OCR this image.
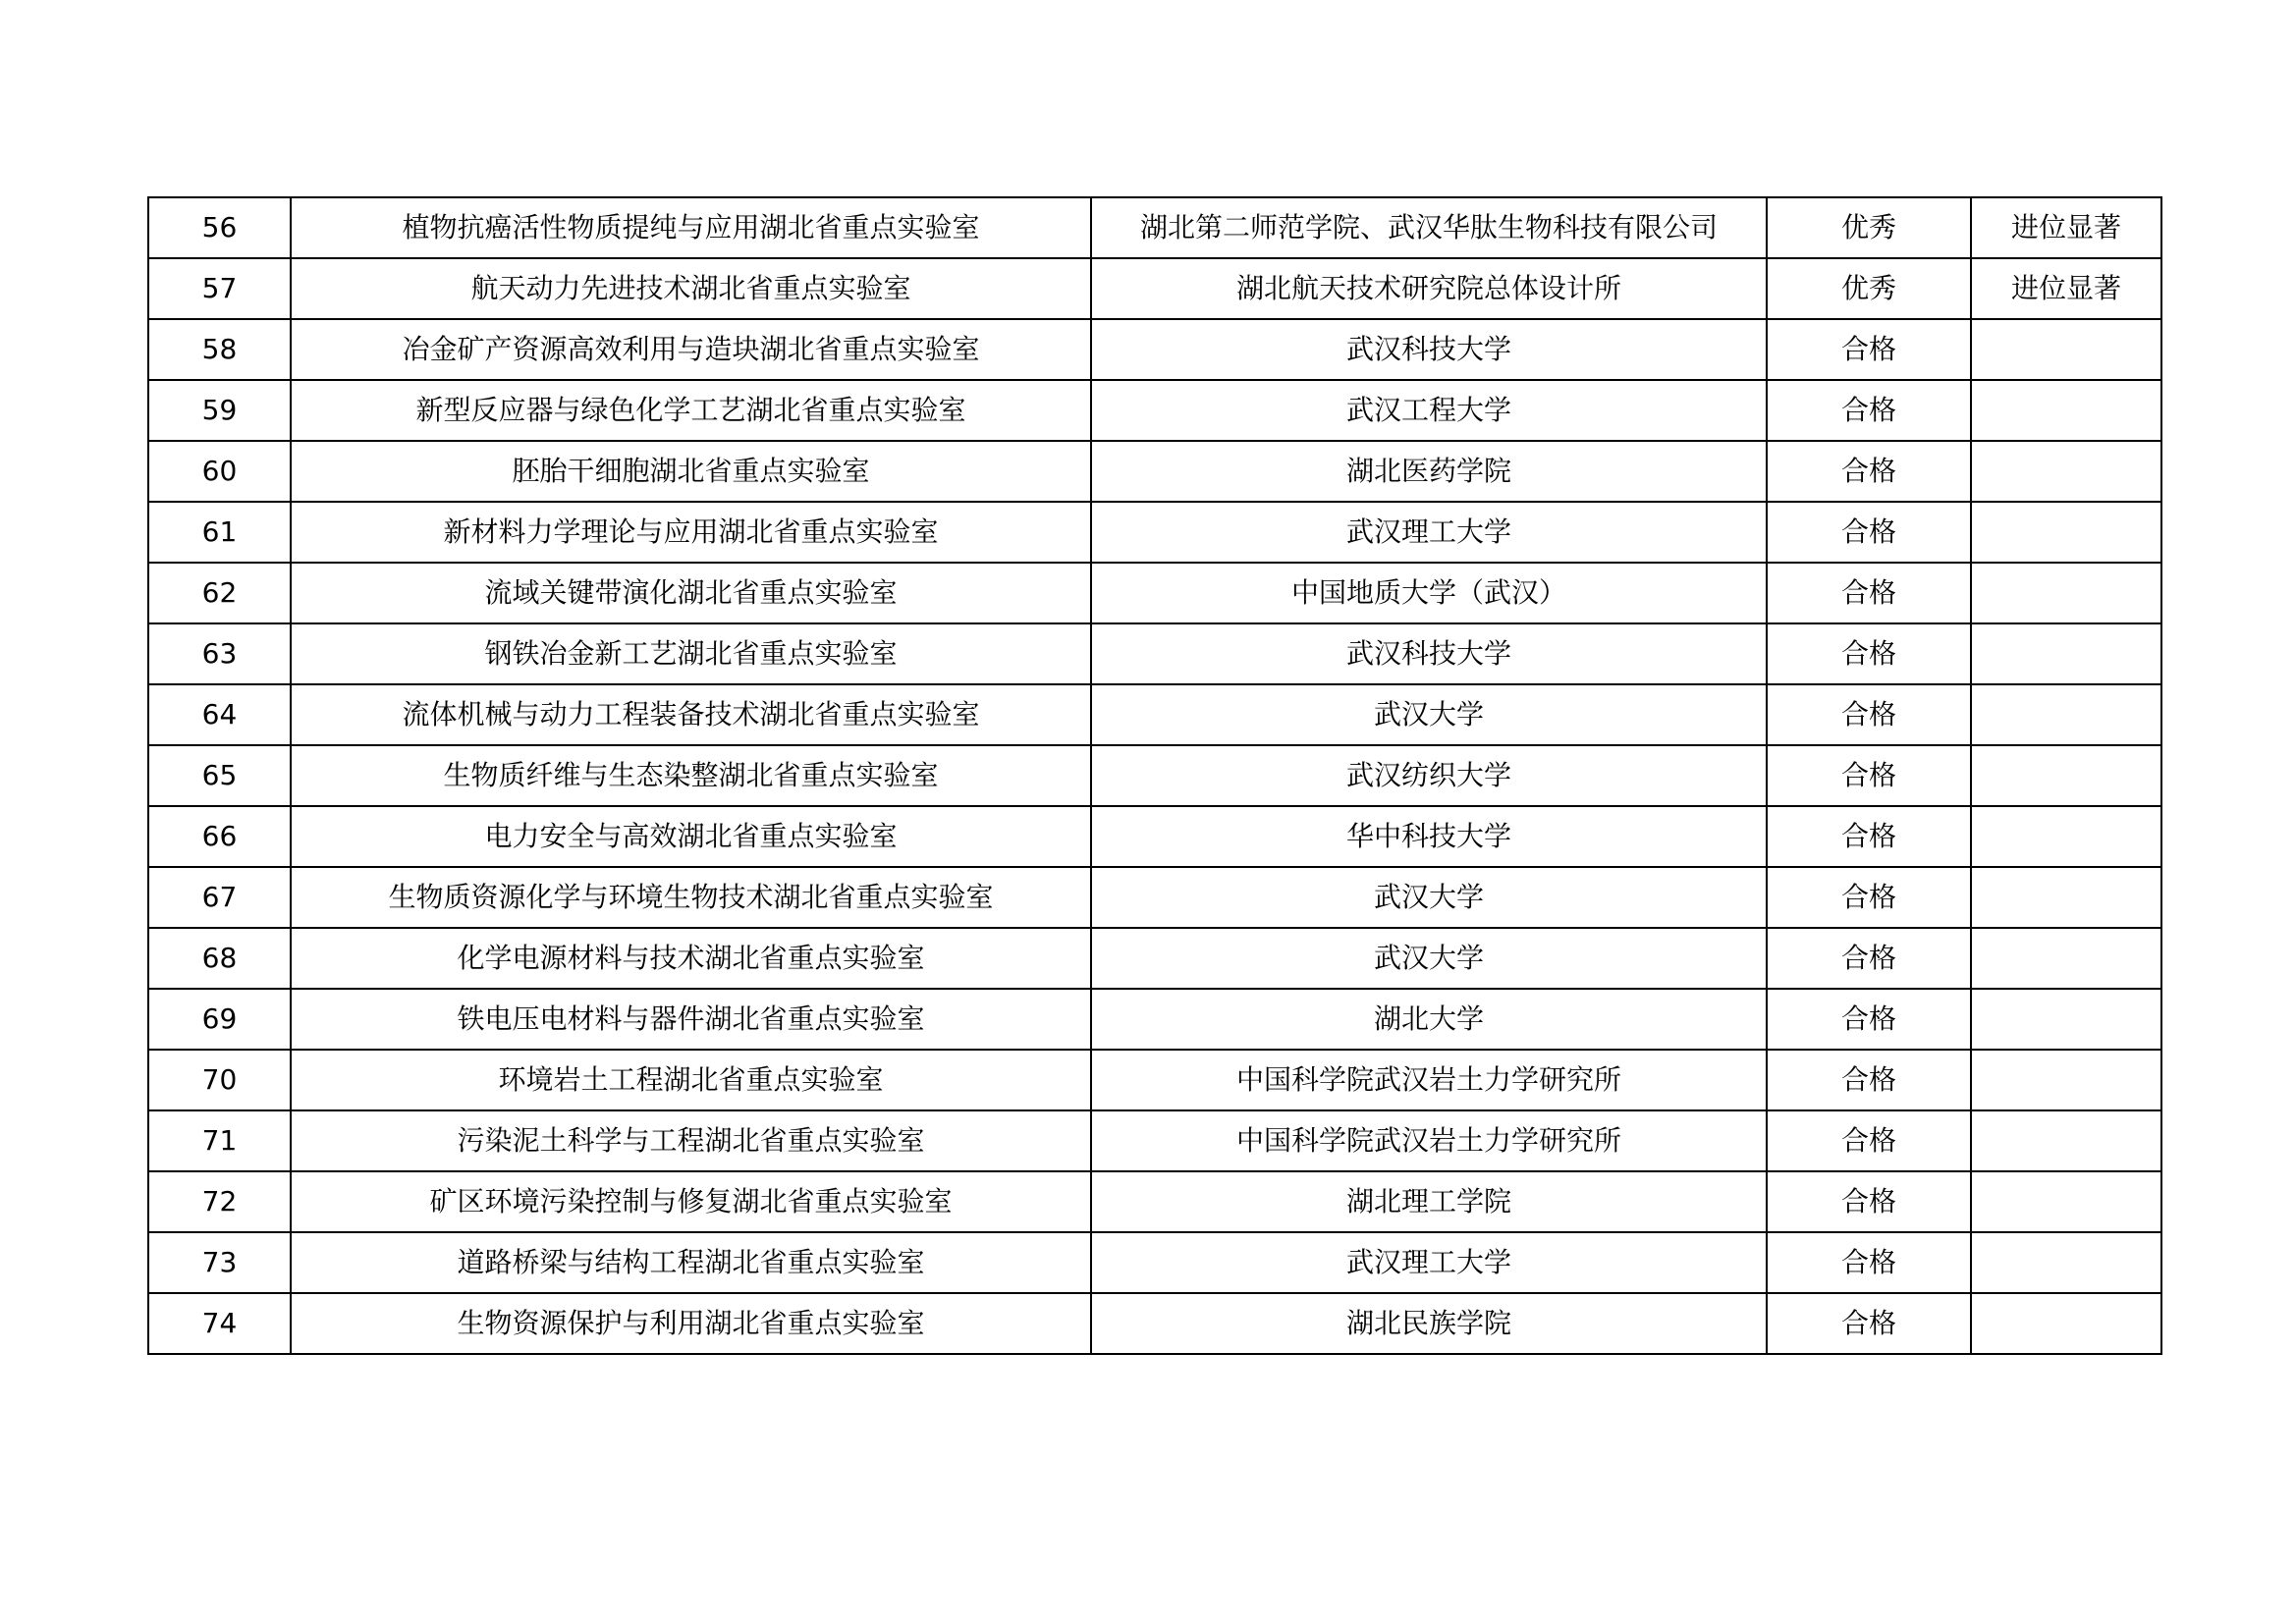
56	植物抗癌活性物质提纯与应用湖北省重点实验室	湖北第二师范学院、武汉华肽生物科技有限公司	优秀	进位显著
57	航天动力先进技术湖北省重点实验室	湖北航天技术研究院总体设计所	优秀	进位显著
58	冶金矿产资源高效利用与造块湖北省重点实验室	武汉科技大学	合格	
59	新型反应器与绿色化学工艺湖北省重点实验室	武汉工程大学	合格	
60	胚胎干细胞湖北省重点实验室	湖北医药学院	合格	
61	新材料力学理论与应用湖北省重点实验室	武汉理工大学	合格	
62	流域关键带演化湖北省重点实验室	中国地质大学（武汉）	合格	
63	钢铁冶金新工艺湖北省重点实验室	武汉科技大学	合格	
64	流体机械与动力工程装备技术湖北省重点实验室	武汉大学	合格	
65	生物质纤维与生态染整湖北省重点实验室	武汉纺织大学	合格	
66	电力安全与高效湖北省重点实验室	华中科技大学	合格	
67	生物质资源化学与环境生物技术湖北省重点实验室	武汉大学	合格	
68	化学电源材料与技术湖北省重点实验室	武汉大学	合格	
69	铁电压电材料与器件湖北省重点实验室	湖北大学	合格	
70	环境岩土工程湖北省重点实验室	中国科学院武汉岩土力学研究所	合格	
71	污染泥土科学与工程湖北省重点实验室	中国科学院武汉岩土力学研究所	合格	
72	矿区环境污染控制与修复湖北省重点实验室	湖北理工学院	合格	
73	道路桥梁与结构工程湖北省重点实验室	武汉理工大学	合格	
74	生物资源保护与利用湖北省重点实验室	湖北民族学院	合格	
